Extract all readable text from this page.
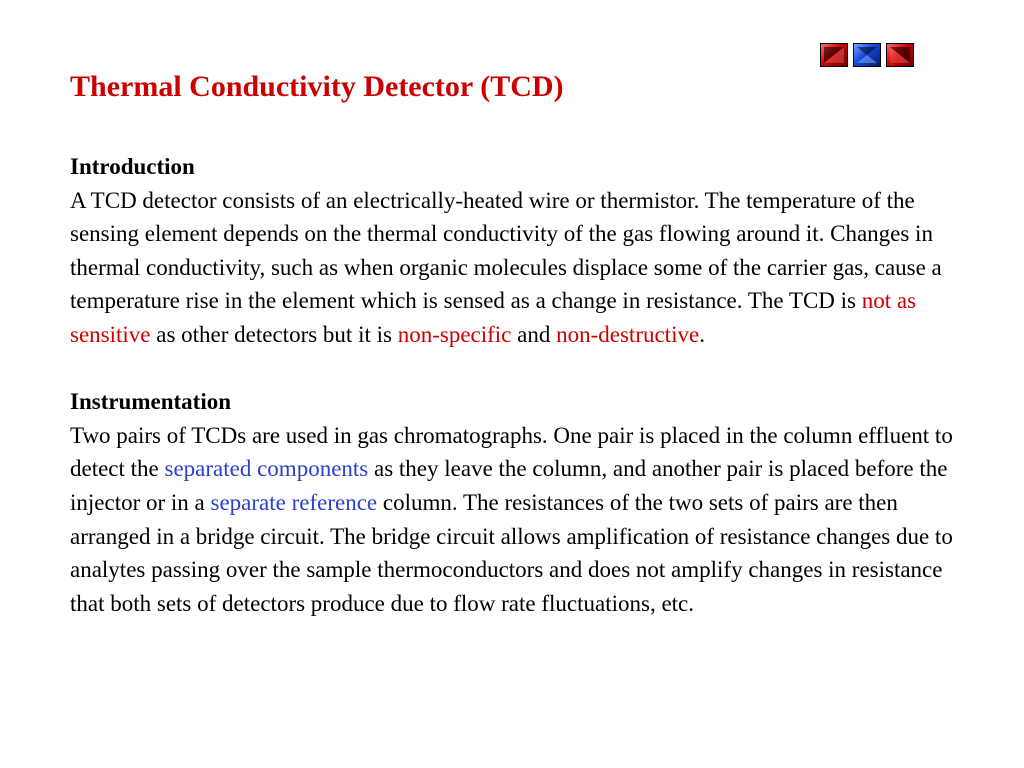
Thermal Conductivity Detector (TCD)

Introduction

A TCD detector consists of an electrically-heated wire or thermistor. The temperature of the sensing element depends on the thermal conductivity of the gas flowing around it. Changes in thermal conductivity, such as when organic molecules displace some of the carrier gas, cause a temperature rise in the element which is sensed as a change in resistance. The TCD is not as sensitive as other detectors but it is non-specific and non-destructive.

Instrumentation

Two pairs of TCDs are used in gas chromatographs. One pair is placed in the column effluent to detect the separated components as they leave the column, and another pair is placed before the injector or in a separate reference column. The resistances of the two sets of pairs are then arranged in a bridge circuit. The bridge circuit allows amplification of resistance changes due to analytes passing over the sample thermoconductors and does not amplify changes in resistance that both sets of detectors produce due to flow rate fluctuations, etc.
